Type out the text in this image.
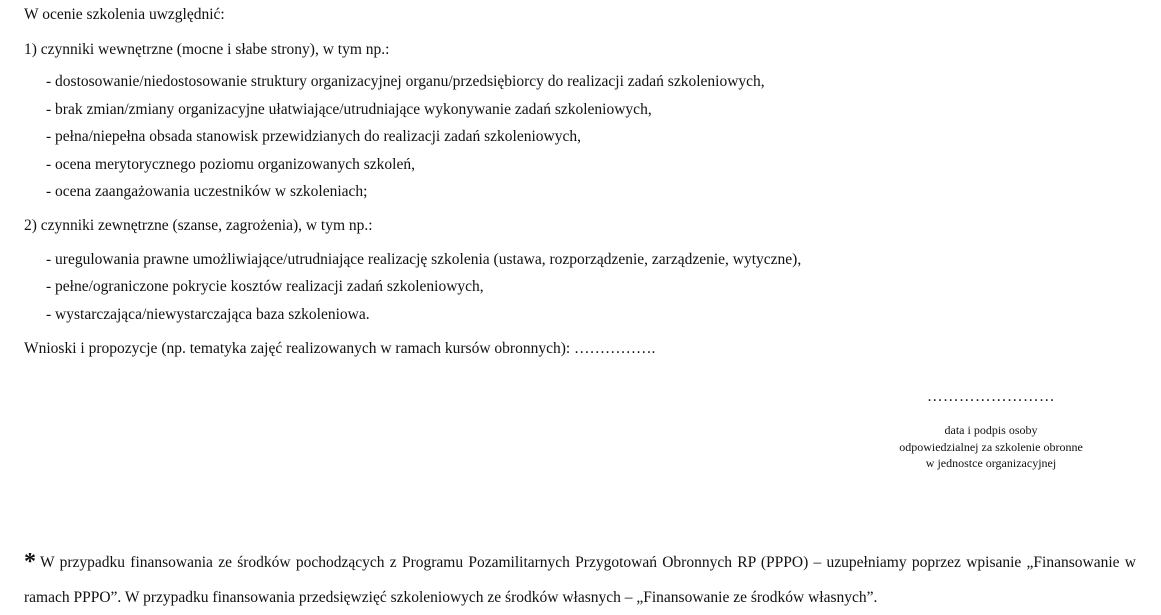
W ocenie szkolenia uwzględnić:
1) czynniki wewnętrzne (mocne i słabe strony), w tym np.:
- dostosowanie/niedostosowanie struktury organizacyjnej organu/przedsiębiorcy do realizacji zadań szkoleniowych,
- brak zmian/zmiany organizacyjne ułatwiające/utrudniające wykonywanie zadań szkoleniowych,
- pełna/niepełna obsada stanowisk przewidzianych do realizacji zadań szkoleniowych,
- ocena merytorycznego poziomu organizowanych szkoleń,
- ocena zaangażowania uczestników w szkoleniach;
2) czynniki zewnętrzne (szanse, zagrożenia), w tym np.:
- uregulowania prawne umożliwiające/utrudniające realizację szkolenia (ustawa, rozporządzenie, zarządzenie, wytyczne),
- pełne/ograniczone pokrycie kosztów realizacji zadań szkoleniowych,
- wystarczająca/niewystarczająca baza szkoleniowa.
Wnioski i propozycje (np. tematyka zajęć realizowanych w ramach kursów obronnych): …………….
……………………
data i podpis osoby
odpowiedzialnej za szkolenie obronne
w jednostce organizacyjnej
* W przypadku finansowania ze środków pochodzących z Programu Pozamilitarnych Przygotowań Obronnych RP (PPPO) – uzupełniamy poprzez wpisanie „Finansowanie w ramach PPPO”. W przypadku finansowania przedsięwzięć szkoleniowych ze środków własnych – „Finansowanie ze środków własnych”.
